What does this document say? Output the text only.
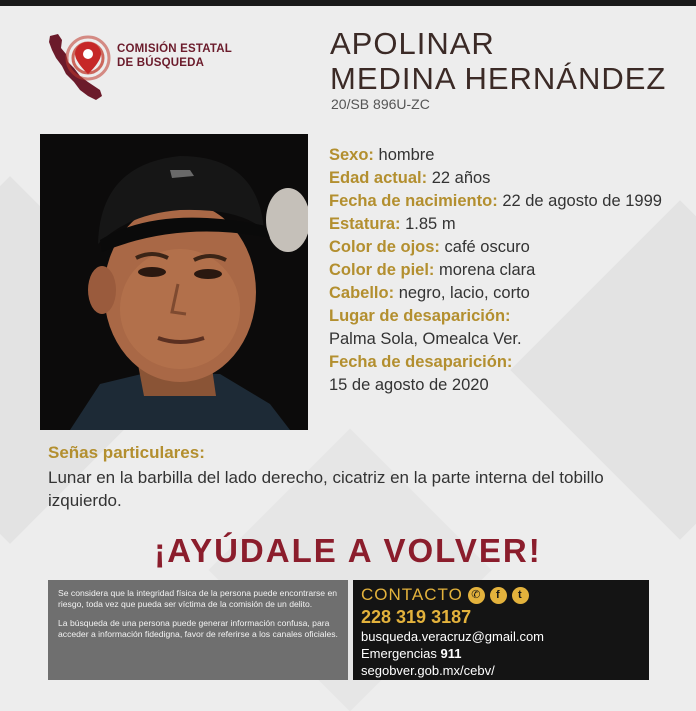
COMISIÓN ESTATAL
DE BÚSQUEDA
APOLINAR
MEDINA HERNÁNDEZ
20/SB 896U-ZC
Sexo: hombre
Edad actual: 22 años
Fecha de nacimiento: 22 de agosto de 1999
Estatura: 1.85 m
Color de ojos: café oscuro
Color de piel: morena clara
Cabello: negro, lacio, corto
Lugar de desaparición:
Palma Sola, Omealca Ver.
Fecha de desaparición:
15 de agosto de 2020
Señas particulares:
Lunar en la barbilla del lado derecho, cicatriz en la parte interna del tobillo izquierdo.
¡AYÚDALE A VOLVER!

Se considera que la integridad física de la persona puede encontrarse en riesgo, toda vez que pueda ser víctima de la comisión de un delito.

La búsqueda de una persona puede generar información confusa, para acceder a información fidedigna, favor de referirse a los canales oficiales.

CONTACTO ✆	f	t
228 319 3187
busqueda.veracruz@gmail.com
Emergencias 911
segobver.gob.mx/cebv/
